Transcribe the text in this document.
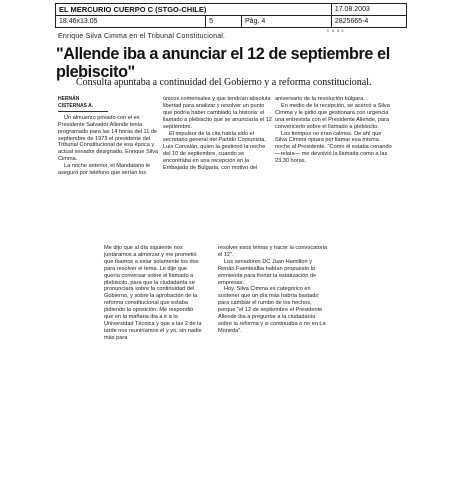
EL MERCURIO CUERPO C (STGO-CHILE)			17.08.2003
18.46x13.05	5	Pág. 4	2825665-4
5 6 6 5
Enrique Silva Cimma en el Tribunal Constitucional.
"Allende iba a anunciar el 12 de septiembre el plebiscito"
Consulta apuntaba a continuidad del Gobierno y a reforma constitucional.

HERNÁN CISTERNAS A.

Un almuerzo privado con el ex Presidente Salvador Allende tenía programado para las 14 horas del 11 de septiembre de 1973 el presidente del Tribunal Constitucional de esa época y actual senador designado, Enrique Silva Cimma.

La noche anterior, el Mandatario le aseguró por teléfono que serían los

únicos comensales y que tendrían absoluta libertad para analizar y resolver un punto que podría haber cambiado la historia: el llamado a plebiscito que se anunciaría el 12 septiembre.

El impulsor de la cita había sido el secretario general del Partido Comunista, Luis Corvalán, quien la gestionó la noche del 10 de septiembre, cuando se encontraba en una recepción en la Embajada de Bulgaria, con motivo del

aniversario de la revolución búlgara.

En medio de la recepción, se acercó a Silva Cimma y le pidió que gestionara con urgencia una entrevista con el Presidente Allende, para convencerlo sobre el llamado a plebiscito.

Los tiempos no eran calmos. De ahí que Silva Cimma optara por llamar esa misma noche al Presidente. "Como él estaba cenando —relata— me devolvió la llamada como a las 23.30 horas.

Me dijo que al día siguiente nos juntáramos a almorzar y me prometió que íbamos a estar solamente los dos para resolver el tema. Le dije que quería conversar sobre el llamado a plebiscito, para que la ciudadanía se pronunciara sobre la continuidad del Gobierno, y sobre la aprobación de la reforma constitucional que estaba pidiendo la oposición. Me respondió que en la mañana iba a ir a la Universidad Técnica y que a las 2 de la tarde nos reuniríamos él y yo, sin nadie más para

resolver esos temas y hacer la convocatoria el 12".

Los senadores DC Juan Hamilton y Renán Fuentealba habían propuesto la enmienda para frenar la estatización de empresas.

Hoy, Silva Cimma es categórico en sostener que un día más habría bastado para cambiar el rumbo de los hechos, porque "el 12 de septiembre el Presidente Allende iba a preguntar a la ciudadanía sobre la reforma y si continuaba o no en La Moneda".
